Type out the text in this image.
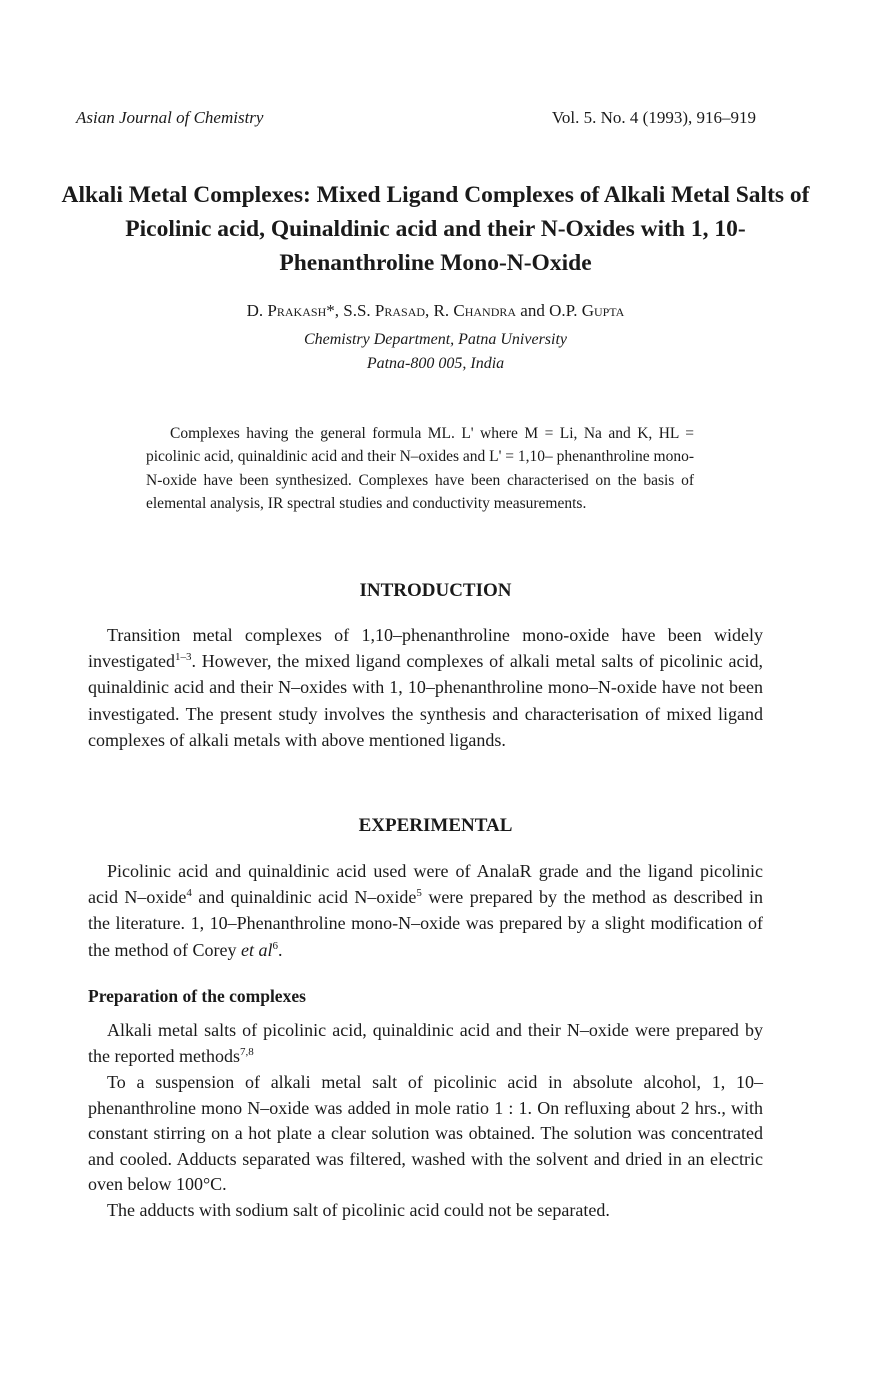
Asian Journal of Chemistry	Vol. 5. No. 4 (1993), 916–919
Alkali Metal Complexes: Mixed Ligand Complexes of Alkali Metal Salts of Picolinic acid, Quinaldinic acid and their N-Oxides with 1, 10-Phenanthroline Mono-N-Oxide
D. Prakash*, S.S. Prasad, R. Chandra and O.P. Gupta
Chemistry Department, Patna University
Patna-800 005, India
Complexes having the general formula ML. L' where M = Li, Na and K, HL = picolinic acid, quinaldinic acid and their N–oxides and L' = 1,10– phenanthroline mono-N-oxide have been synthesized. Complexes have been characterised on the basis of elemental analysis, IR spectral studies and conductivity measurements.
INTRODUCTION
Transition metal complexes of 1,10–phenanthroline mono-oxide have been widely investigated$^{1-3}$. However, the mixed ligand complexes of alkali metal salts of picolinic acid, quinaldinic acid and their N–oxides with 1, 10–phenanthroline mono–N-oxide have not been investigated. The present study involves the synthesis and characterisation of mixed ligand complexes of alkali metals with above mentioned ligands.
EXPERIMENTAL
Picolinic acid and quinaldinic acid used were of AnalaR grade and the ligand picolinic acid N–oxide$^4$ and quinaldinic acid N–oxide$^5$ were prepared by the method as described in the literature. 1, 10–Phenanthroline mono-N–oxide was prepared by a slight modification of the method of Corey et $al^6$.
Preparation of the complexes
Alkali metal salts of picolinic acid, quinaldinic acid and their N–oxide were prepared by the reported methods$^{7,8}$
To a suspension of alkali metal salt of picolinic acid in absolute alcohol, 1, 10–phenanthroline mono N–oxide was added in mole ratio 1 : 1. On refluxing about 2 hrs., with constant stirring on a hot plate a clear solution was obtained. The solution was concentrated and cooled. Adducts separated was filtered, washed with the solvent and dried in an electric oven below 100°C.
The adducts with sodium salt of picolinic acid could not be separated.
